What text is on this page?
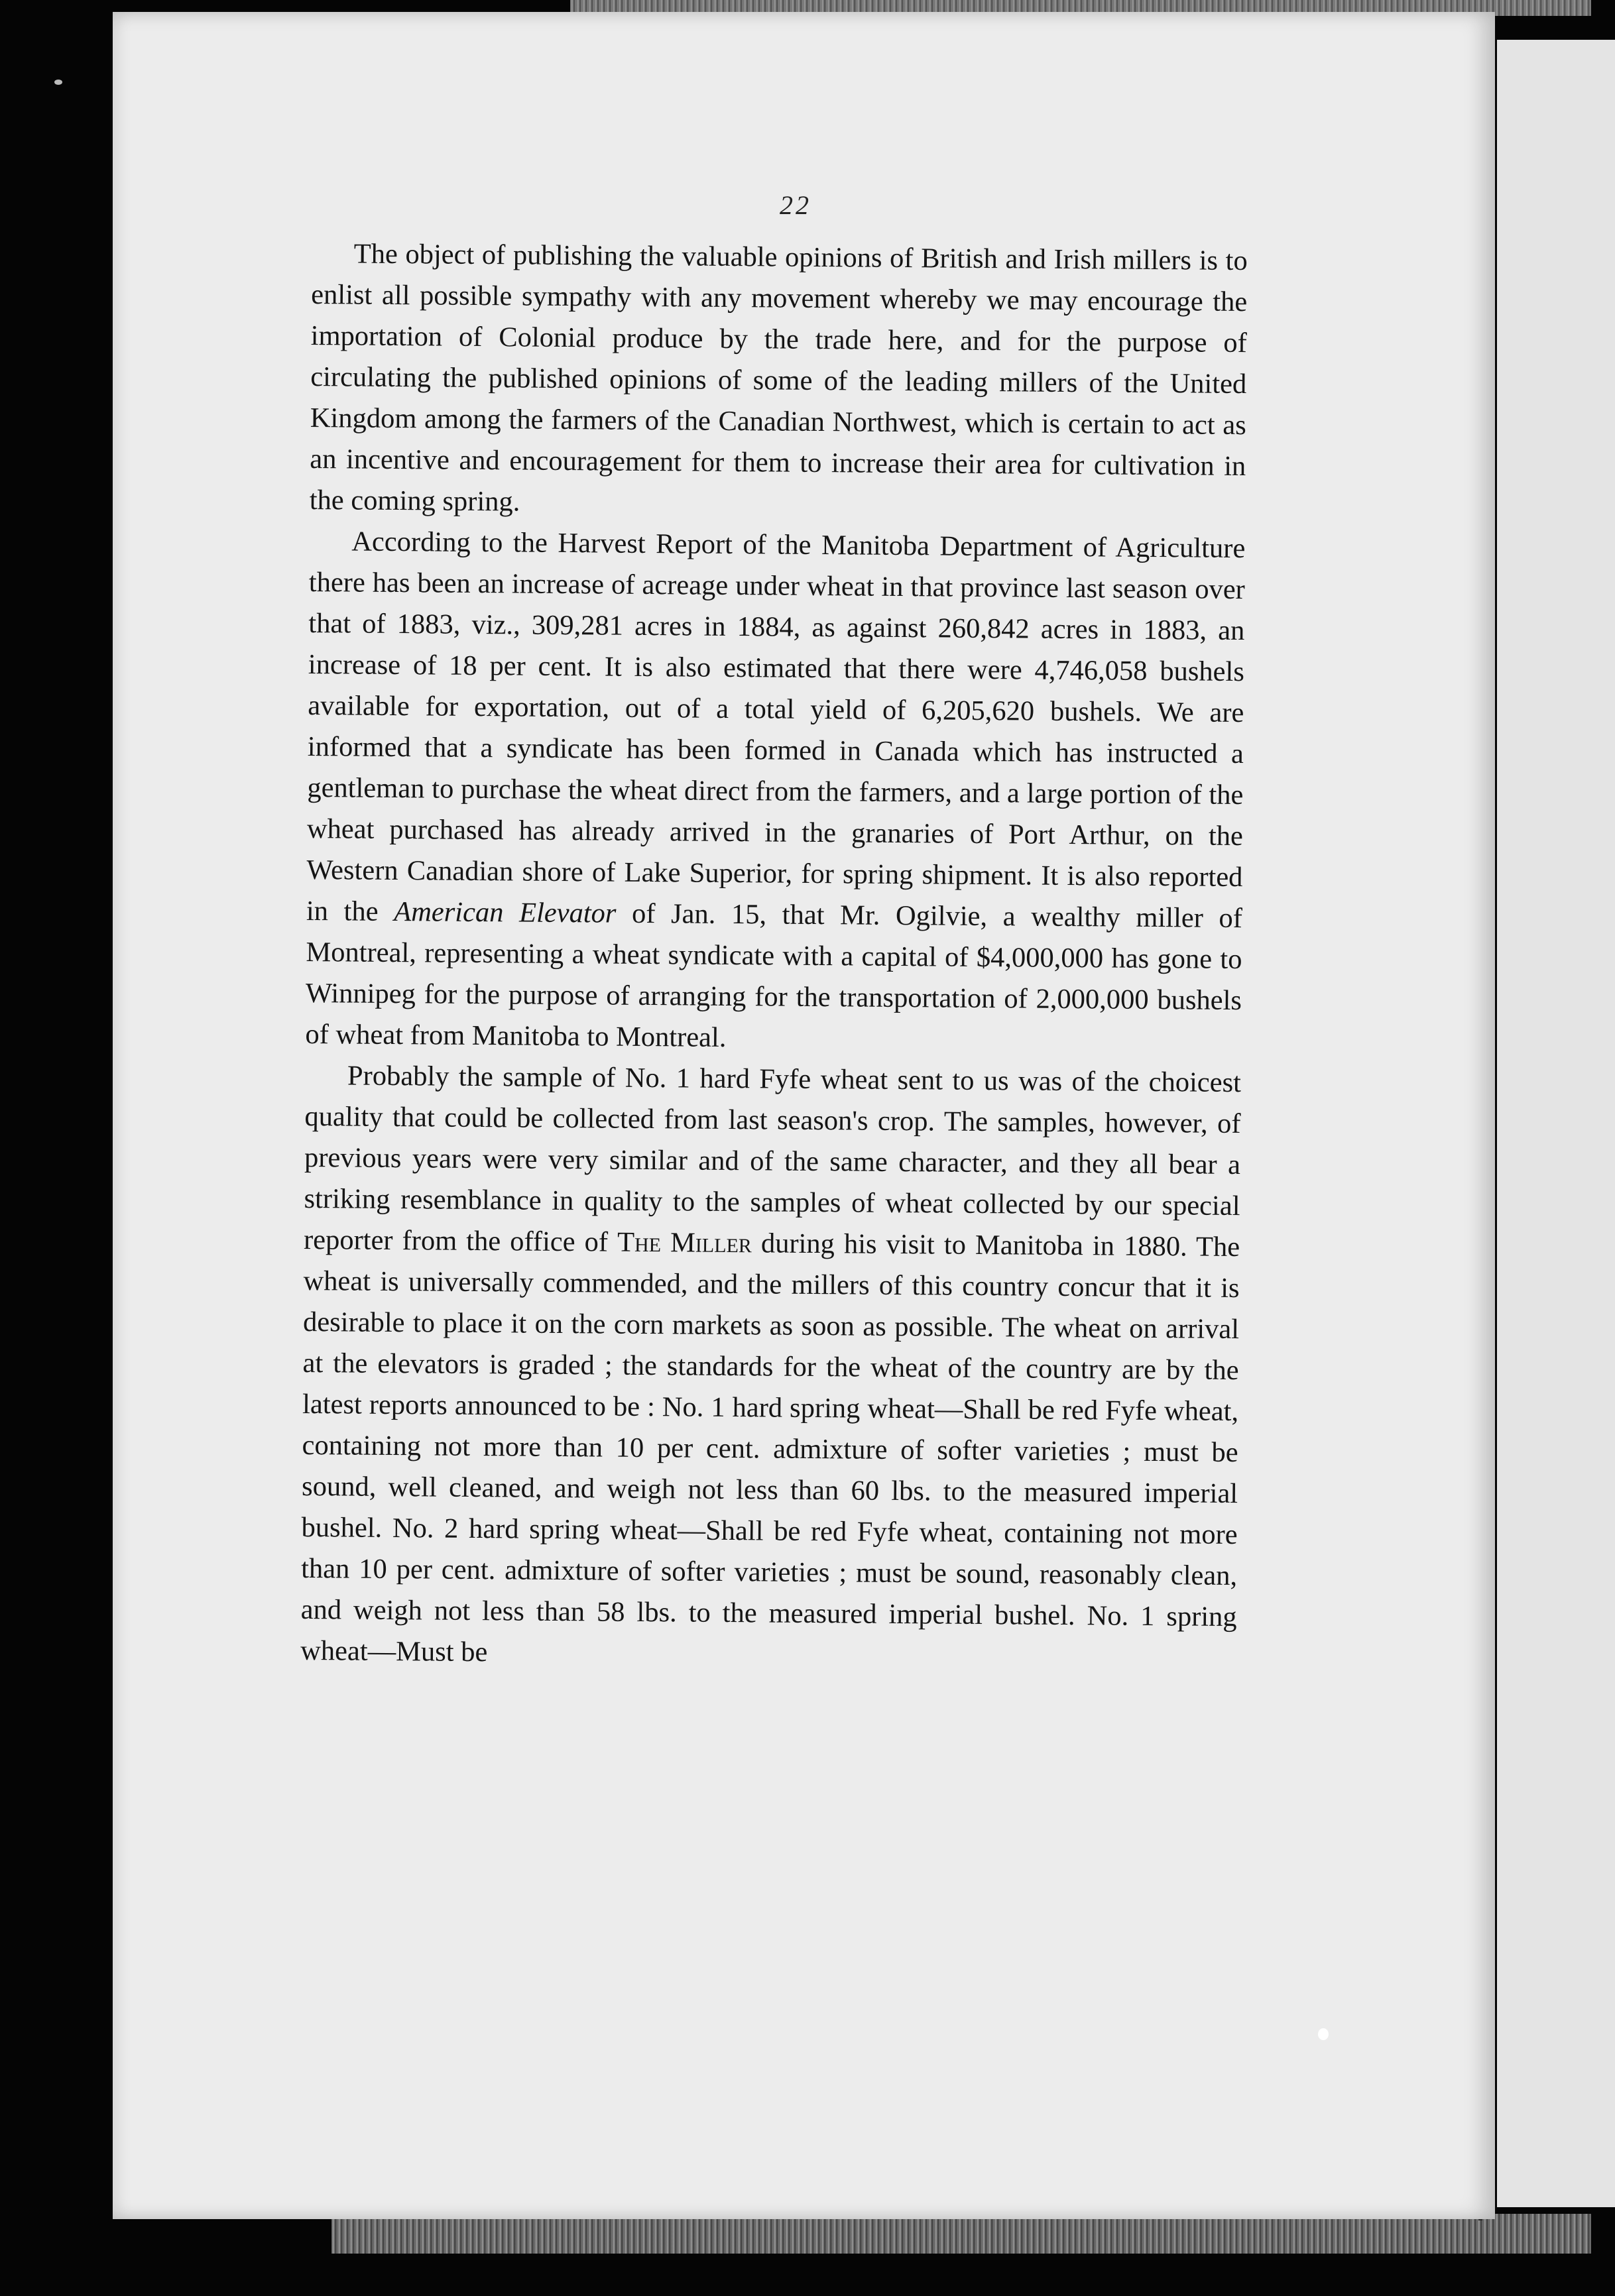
22

The object of publishing the valuable opinions of British and Irish millers is to enlist all possible sympathy with any movement whereby we may encourage the importation of Colonial produce by the trade here, and for the purpose of circulating the published opinions of some of the leading millers of the United Kingdom among the farmers of the Canadian Northwest, which is certain to act as an incentive and encouragement for them to increase their area for cultivation in the coming spring.

According to the Harvest Report of the Manitoba Department of Agriculture there has been an increase of acreage under wheat in that province last season over that of 1883, viz., 309,281 acres in 1884, as against 260,842 acres in 1883, an increase of 18 per cent. It is also estimated that there were 4,746,058 bushels available for exportation, out of a total yield of 6,205,620 bushels. We are informed that a syndicate has been formed in Canada which has instructed a gentleman to purchase the wheat direct from the farmers, and a large portion of the wheat purchased has already arrived in the granaries of Port Arthur, on the Western Canadian shore of Lake Superior, for spring shipment. It is also reported in the American Elevator of Jan. 15, that Mr. Ogilvie, a wealthy miller of Montreal, representing a wheat syndicate with a capital of $4,000,000 has gone to Winnipeg for the purpose of arranging for the transportation of 2,000,000 bushels of wheat from Manitoba to Montreal.

Probably the sample of No. 1 hard Fyfe wheat sent to us was of the choicest quality that could be collected from last season's crop. The samples, however, of previous years were very similar and of the same character, and they all bear a striking resemblance in quality to the samples of wheat collected by our special reporter from the office of The Miller during his visit to Manitoba in 1880. The wheat is universally commended, and the millers of this country concur that it is desirable to place it on the corn markets as soon as possible. The wheat on arrival at the elevators is graded ; the standards for the wheat of the country are by the latest reports announced to be : No. 1 hard spring wheat—Shall be red Fyfe wheat, containing not more than 10 per cent. admixture of softer varieties ; must be sound, well cleaned, and weigh not less than 60 lbs. to the measured imperial bushel. No. 2 hard spring wheat—Shall be red Fyfe wheat, containing not more than 10 per cent. admixture of softer varieties ; must be sound, reasonably clean, and weigh not less than 58 lbs. to the measured imperial bushel. No. 1 spring wheat—Must be
